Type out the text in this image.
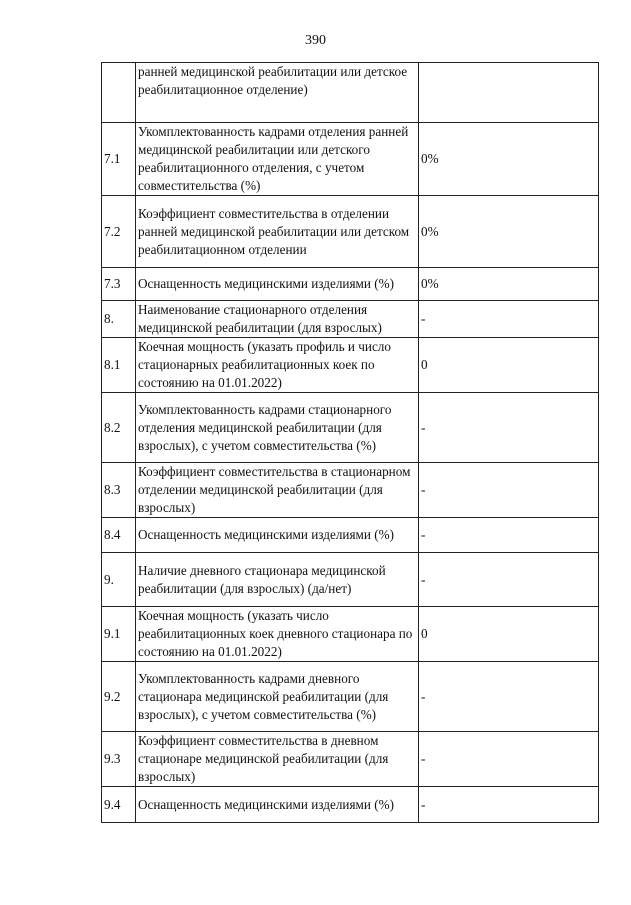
390
	ранней медицинской реабилитации или детское реабилитационное отделение)	
7.1	Укомплектованность кадрами отделения ранней медицинской реабилитации или детского реабилитационного отделения, с учетом совместительства (%)	0%
7.2	Коэффициент совместительства в отделении ранней медицинской реабилитации или детском реабилитационном отделении	0%
7.3	Оснащенность медицинскими изделиями (%)	0%
8.	Наименование стационарного отделения медицинской реабилитации (для взрослых)	-
8.1	Коечная мощность (указать профиль и число стационарных реабилитационных коек по состоянию на 01.01.2022)	0
8.2	Укомплектованность кадрами стационарного отделения медицинской реабилитации (для взрослых), с учетом совместительства (%)	-
8.3	Коэффициент совместительства в стационарном отделении медицинской реабилитации (для взрослых)	-
8.4	Оснащенность медицинскими изделиями (%)	-
9.	Наличие дневного стационара медицинской реабилитации (для взрослых) (да/нет)	-
9.1	Коечная мощность (указать число реабилитационных коек дневного стационара по состоянию на 01.01.2022)	0
9.2	Укомплектованность кадрами дневного стационара медицинской реабилитации (для взрослых), с учетом совместительства (%)	-
9.3	Коэффициент совместительства в дневном стационаре медицинской реабилитации (для взрослых)	-
9.4	Оснащенность медицинскими изделиями (%)	-
